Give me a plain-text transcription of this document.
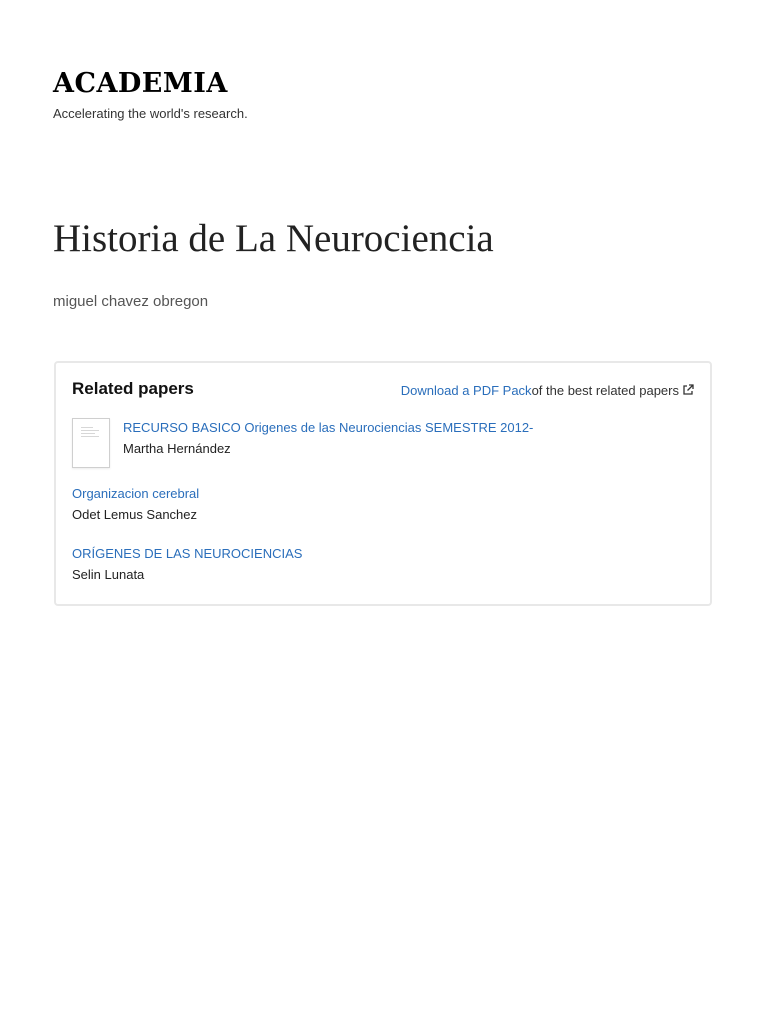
ACADEMIA
Accelerating the world's research.
Historia de La Neurociencia
miguel chavez obregon
Related papers	Download a PDF Packof the best related papers
RECURSO BASICO Origenes de las Neurociencias SEMESTRE 2012-
Martha Hernández
Organizacion cerebral
Odet Lemus Sanchez
ORÍGENES DE LAS NEUROCIENCIAS
Selin Lunata
